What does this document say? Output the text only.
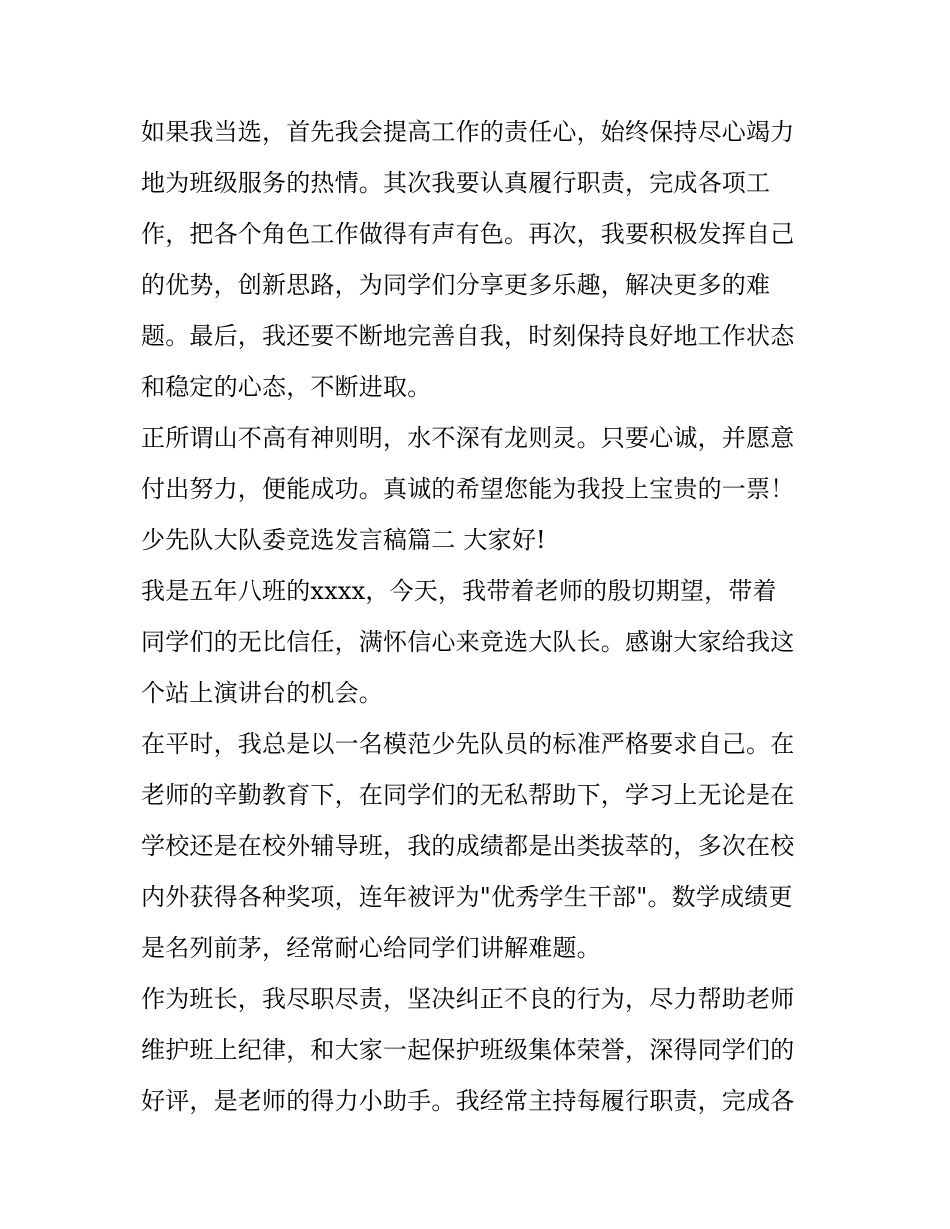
如果我当选，首先我会提高工作的责任心，始终保持尽心竭力
地为班级服务的热情。其次我要认真履行职责，完成各项工
作，把各个角色工作做得有声有色。再次，我要积极发挥自己
的优势，创新思路，为同学们分享更多乐趣，解决更多的难
题。最后，我还要不断地完善自我，时刻保持良好地工作状态
和稳定的心态，不断进取。
正所谓山不高有神则明，水不深有龙则灵。只要心诚，并愿意
付出努力，便能成功。真诚的希望您能为我投上宝贵的一票！
少先队大队委竞选发言稿篇二 大家好!
我是五年八班的xxxx，今天，我带着老师的殷切期望，带着
同学们的无比信任，满怀信心来竞选大队长。感谢大家给我这
个站上演讲台的机会。
在平时，我总是以一名模范少先队员的标准严格要求自己。在
老师的辛勤教育下，在同学们的无私帮助下，学习上无论是在
学校还是在校外辅导班，我的成绩都是出类拔萃的，多次在校
内外获得各种奖项，连年被评为"优秀学生干部"。数学成绩更
是名列前茅，经常耐心给同学们讲解难题。
作为班长，我尽职尽责，坚决纠正不良的行为，尽力帮助老师
维护班上纪律，和大家一起保护班级集体荣誉，深得同学们的
好评，是老师的得力小助手。我经常主持每履行职责，完成各
